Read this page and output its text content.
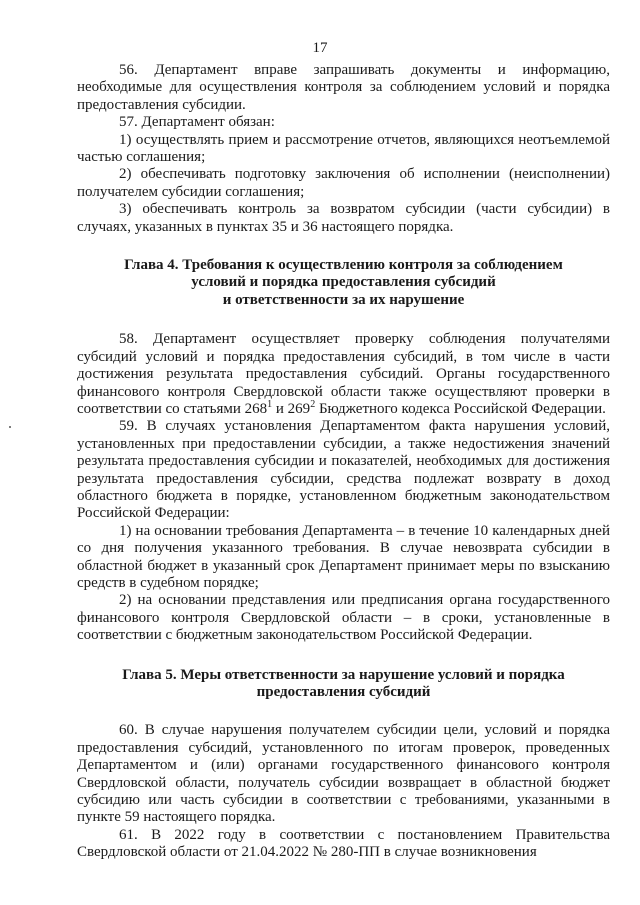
17

56. Департамент вправе запрашивать документы и информацию, необходимые для осуществления контроля за соблюдением условий и порядка предоставления субсидии.

57. Департамент обязан:

1) осуществлять прием и рассмотрение отчетов, являющихся неотъемлемой частью соглашения;

2) обеспечивать подготовку заключения об исполнении (неисполнении) получателем субсидии соглашения;

3) обеспечивать контроль за возвратом субсидии (части субсидии) в случаях, указанных в пунктах 35 и 36 настоящего порядка.

Глава 4. Требования к осуществлению контроля за соблюдением
условий и порядка предоставления субсидий
и ответственности за их нарушение

58. Департамент осуществляет проверку соблюдения получателями субсидий условий и порядка предоставления субсидий, в том числе в части достижения результата предоставления субсидий. Органы государственного финансового контроля Свердловской области также осуществляют проверки в соответствии со статьями $268^1$ и $269^2$ Бюджетного кодекса Российской Федерации.

59. В случаях установления Департаментом факта нарушения условий, установленных при предоставлении субсидии, а также недостижения значений результата предоставления субсидии и показателей, необходимых для достижения результата предоставления субсидии, средства подлежат возврату в доход областного бюджета в порядке, установленном бюджетным законодательством Российской Федерации:

1) на основании требования Департамента – в течение 10 календарных дней со дня получения указанного требования. В случае невозврата субсидии в областной бюджет в указанный срок Департамент принимает меры по взысканию средств в судебном порядке;

2) на основании представления или предписания органа государственного финансового контроля Свердловской области – в сроки, установленные в соответствии с бюджетным законодательством Российской Федерации.

Глава 5. Меры ответственности за нарушение условий и порядка
предоставления субсидий

60. В случае нарушения получателем субсидии цели, условий и порядка предоставления субсидий, установленного по итогам проверок, проведенных Департаментом и (или) органами государственного финансового контроля Свердловской области, получатель субсидии возвращает в областной бюджет субсидию или часть субсидии в соответствии с требованиями, указанными в пункте 59 настоящего порядка.

61. В 2022 году в соответствии с постановлением Правительства Свердловской области от 21.04.2022 № 280-ПП в случае возникновения
